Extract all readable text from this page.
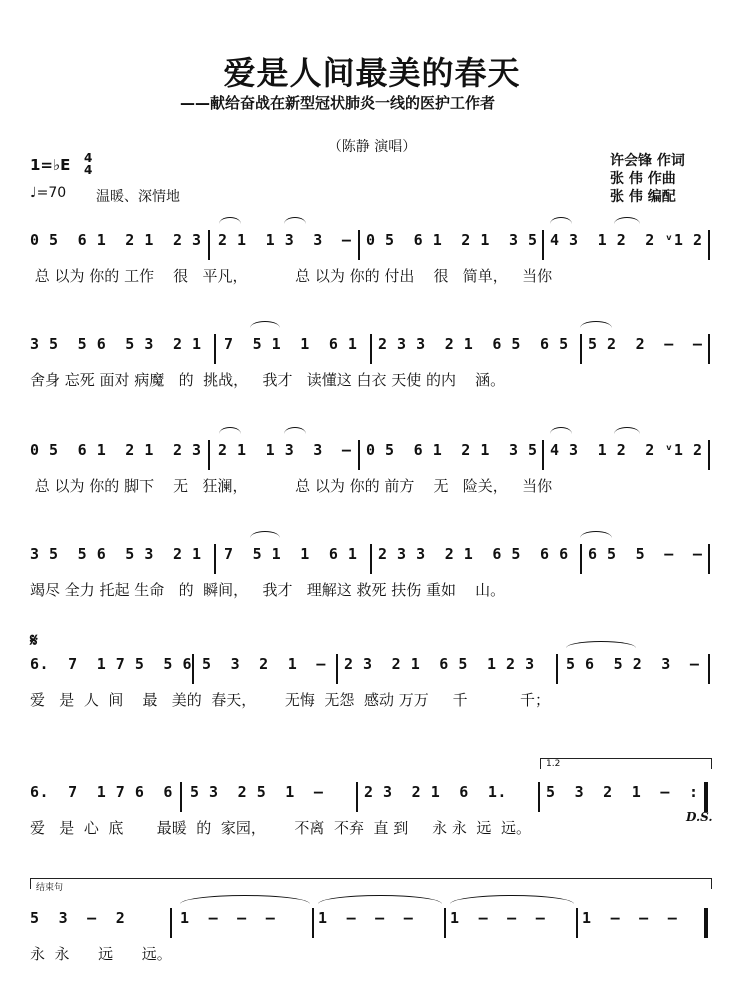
爱是人间最美的春天
——献给奋战在新型冠状肺炎一线的医护工作者
（陈静 演唱）
许会锋 作词
张 伟 作曲
张 伟 编配
1=♭E 4
4
♩=70 温暖、深情地
0 5  6 1  2 1  2 3 2 1  1 3  3  – 0 5  6 1  2 1  3 5 4 3  1 2  2 ᵛ1 2
总 以为 你的 工作    很   平凡，          总 以为 你的 付出    很   简单，   当你
3 5  5 6  5 3  2 1 7  5 1  1  6 1 2 3 3  2 1  6 5  6 5 5 2  2  –  –
舍身 忘死 面对 病魔   的  挑战，   我才   读懂这 白衣 天使 的内    涵。
0 5  6 1  2 1  2 3 2 1  1 3  3  – 0 5  6 1  2 1  3 5 4 3  1 2  2 ᵛ1 2
总 以为 你的 脚下    无   狂澜，          总 以为 你的 前方    无   险关，   当你
3 5  5 6  5 3  2 1 7  5 1  1  6 1 2 3 3  2 1  6 5  6 6 6 5  5  –  –
竭尽 全力 托起 生命   的  瞬间，   我才   理解这 救死 扶伤 重如    山。
𝄋
6.  7  1 7 5  5 6 5  3  2  1  – 2 3  2 1  6 5  1 2 3 5 6  5 2  3  –
爱   是  人  间    最   美的  春天，      无悔  无怨  感动 万万     千           千；
1.2
6.  7  1 7 6  6 5 3  2 5  1  –	2 3  2 1  6  1.	5  3  2  1  –  :
爱   是  心  底       最暖  的  家园，      不离  不弃  直 到     永 永  远  远。
D.S.
结束句
5  3  –  2	1  –  –  –	1  –  –  – 1  –  –  – 1  –  –  –
永  永      远      远。
